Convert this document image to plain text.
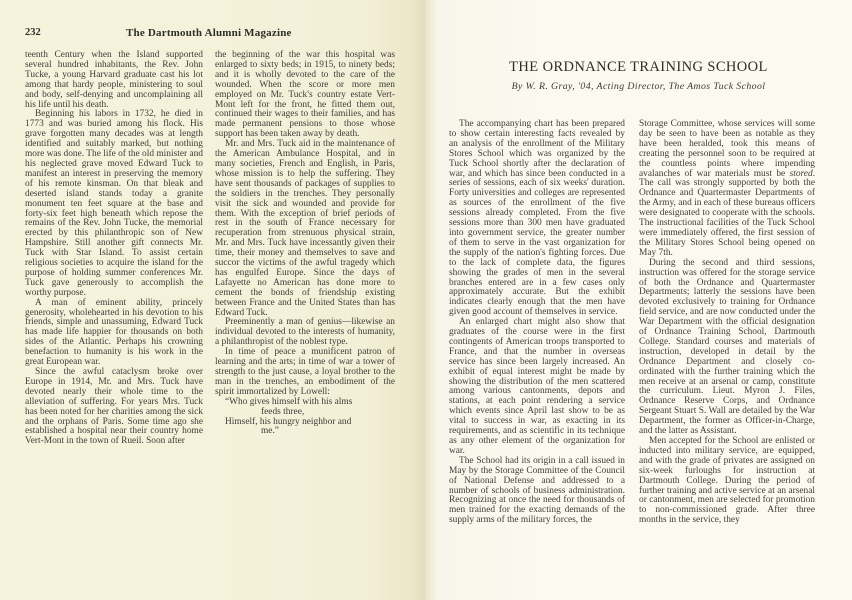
232	The Dartmouth Alumni Magazine

teenth Century when the Island supported several hundred inhabitants, the Rev. John Tucke, a young Harvard graduate cast his lot among that hardy people, ministering to soul and body, self-denying and uncomplaining all his life until his death.

Beginning his labors in 1732, he died in 1773 and was buried among his flock. His grave forgotten many decades was at length identified and suitably marked, but nothing more was done. The life of the old minister and his neglected grave moved Edward Tuck to manifest an interest in preserving the memory of his remote kinsman. On that bleak and deserted island stands today a granite monument ten feet square at the base and forty-six feet high beneath which repose the remains of the Rev. John Tucke, the memorial erected by this philanthropic son of New Hampshire. Still another gift connects Mr. Tuck with Star Island. To assist certain religious societies to acquire the island for the purpose of holding summer conferences Mr. Tuck gave generously to accomplish the worthy purpose.

A man of eminent ability, princely generosity, wholehearted in his devotion to his friends, simple and unassuming, Edward Tuck has made life happier for thousands on both sides of the Atlantic. Perhaps his crowning benefaction to humanity is his work in the great European war.

Since the awful cataclysm broke over Europe in 1914, Mr. and Mrs. Tuck have devoted nearly their whole time to the alleviation of suffering. For years Mrs. Tuck has been noted for her charities among the sick and the orphans of Paris. Some time ago she established a hospital near their country home Vert-Mont in the town of Rueil. Soon after

the beginning of the war this hospital was enlarged to sixty beds; in 1915, to ninety beds; and it is wholly devoted to the care of the wounded. When the score or more men employed on Mr. Tuck's country estate Vert-Mont left for the front, he fitted them out, continued their wages to their families, and has made permanent pensions to those whose support has been taken away by death.

Mr. and Mrs. Tuck aid in the maintenance of the American Ambulance Hospital, and in many societies, French and English, in Paris, whose mission is to help the suffering. They have sent thousands of packages of supplies to the soldiers in the trenches. They personally visit the sick and wounded and provide for them. With the exception of brief periods of rest in the south of France necessary for recuperation from strenuous physical strain, Mr. and Mrs. Tuck have incessantly given their time, their money and themselves to save and succor the victims of the awful tragedy which has engulfed Europe. Since the days of Lafayette no American has done more to cement the bonds of friendship existing between France and the United States than has Edward Tuck.

Preeminently a man of genius—likewise an individual devoted to the interests of humanity, a philanthropist of the noblest type.

In time of peace a munificent patron of learning and the arts; in time of war a tower of strength to the just cause, a loyal brother to the man in the trenches, an embodiment of the spirit immortalized by Lowell:

“Who gives himself with his alms
feeds three,
Himself, his hungry neighbor and
me.”
THE ORDNANCE TRAINING SCHOOL
By W. R. Gray, '04, Acting Director, The Amos Tuck School

The accompanying chart has been prepared to show certain interesting facts revealed by an analysis of the enrollment of the Military Stores School which was organized by the Tuck School shortly after the declaration of war, and which has since been conducted in a series of sessions, each of six weeks' duration. Forty universities and colleges are represented as sources of the enrollment of the five sessions already completed. From the five sessions more than 300 men have graduated into government service, the greater number of them to serve in the vast organization for the supply of the nation's fighting forces. Due to the lack of complete data, the figures showing the grades of men in the several branches entered are in a few cases only approximately accurate. But the exhibit indicates clearly enough that the men have given good account of themselves in service.

An enlarged chart might also show that graduates of the course were in the first contingents of American troops transported to France, and that the number in overseas service has since been largely increased. An exhibit of equal interest might be made by showing the distribution of the men scattered among various cantonments, depots and stations, at each point rendering a service which events since April last show to be as vital to success in war, as exacting in its requirements, and as scientific in its technique as any other element of the organization for war.

The School had its origin in a call issued in May by the Storage Committee of the Council of National Defense and addressed to a number of schools of business administration. Recognizing at once the need for thousands of men trained for the exacting demands of the supply arms of the military forces, the

Storage Committee, whose services will some day be seen to have been as notable as they have been heralded, took this means of creating the personnel soon to be required at the countless points where impending avalanches of war materials must be stored. The call was strongly supported by both the Ordnance and Quartermaster Departments of the Army, and in each of these bureaus officers were designated to cooperate with the schools. The instructional facilities of the Tuck School were immediately offered, the first session of the Military Stores School being opened on May 7th.

During the second and third sessions, instruction was offered for the storage service of both the Ordnance and Quartermaster Departments; latterly the sessions have been devoted exclusively to training for Ordnance field service, and are now conducted under the War Department with the official designation of Ordnance Training School, Dartmouth College. Standard courses and materials of instruction, developed in detail by the Ordnance Department and closely co-ordinated with the further training which the men receive at an arsenal or camp, constitute the curriculum. Lieut. Myron J. Files, Ordnance Reserve Corps, and Ordnance Sergeant Stuart S. Wall are detailed by the War Department, the former as Officer-in-Charge, and the latter as Assistant.

Men accepted for the School are enlisted or inducted into military service, are equipped, and with the grade of privates are assigned on six-week furloughs for instruction at Dartmouth College. During the period of further training and active service at an arsenal or cantonment, men are selected for promotion to non-commissioned grade. After three months in the service, they
